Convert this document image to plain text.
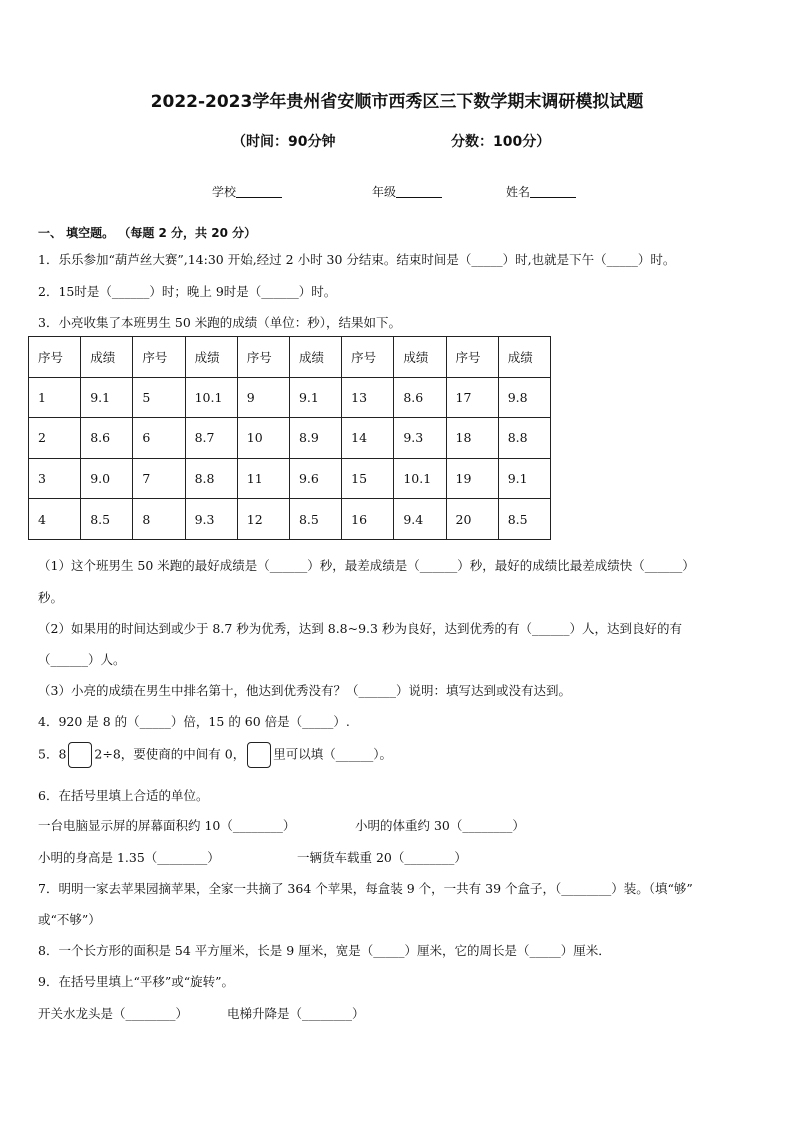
2022-2023学年贵州省安顺市西秀区三下数学期末调研模拟试题
（时间：90分钟	分数：100分）
学校	年级	姓名
一、 填空题。 （每题 2 分，共 20 分）
1．乐乐参加“葫芦丝大赛”,14:30 开始,经过 2 小时 30 分结束。结束时间是（_____）时,也就是下午（_____）时。
2．15时是（______）时；晚上 9时是（______）时。
3．小亮收集了本班男生 50 米跑的成绩（单位：秒），结果如下。
序号	成绩	序号	成绩	序号	成绩	序号	成绩	序号	成绩
1	9.1	5	10.1	9	9.1	13	8.6	17	9.8
2	8.6	6	8.7	10	8.9	14	9.3	18	8.8
3	9.0	7	8.8	11	9.6	15	10.1	19	9.1
4	8.5	8	9.3	12	8.5	16	9.4	20	8.5
（1）这个班男生 50 米跑的最好成绩是（______）秒，最差成绩是（______）秒，最好的成绩比最差成绩快（______）
秒。
（2）如果用的时间达到或少于 8.7 秒为优秀，达到 8.8~9.3 秒为良好，达到优秀的有（______）人，达到良好的有
（______）人。
（3）小亮的成绩在男生中排名第十，他达到优秀没有？（______）说明：填写达到或没有达到。
4．920 是 8 的（_____）倍，15 的 60 倍是（_____）.
5．8 2÷8，要使商的中间有 0， 里可以填（______）。
6．在括号里填上合适的单位。
一台电脑显示屏的屏幕面积约 10（________）	小明的体重约 30（________）
小明的身高是 1.35（________）	一辆货车载重 20（________）
7．明明一家去苹果园摘苹果，全家一共摘了 364 个苹果，每盒装 9 个，一共有 39 个盒子，（________）装。（填“够”
或“不够”）
8．一个长方形的面积是 54 平方厘米，长是 9 厘米，宽是（_____）厘米，它的周长是（_____）厘米．
9．在括号里填上“平移”或“旋转”。
开关水龙头是（________）	电梯升降是（________）
